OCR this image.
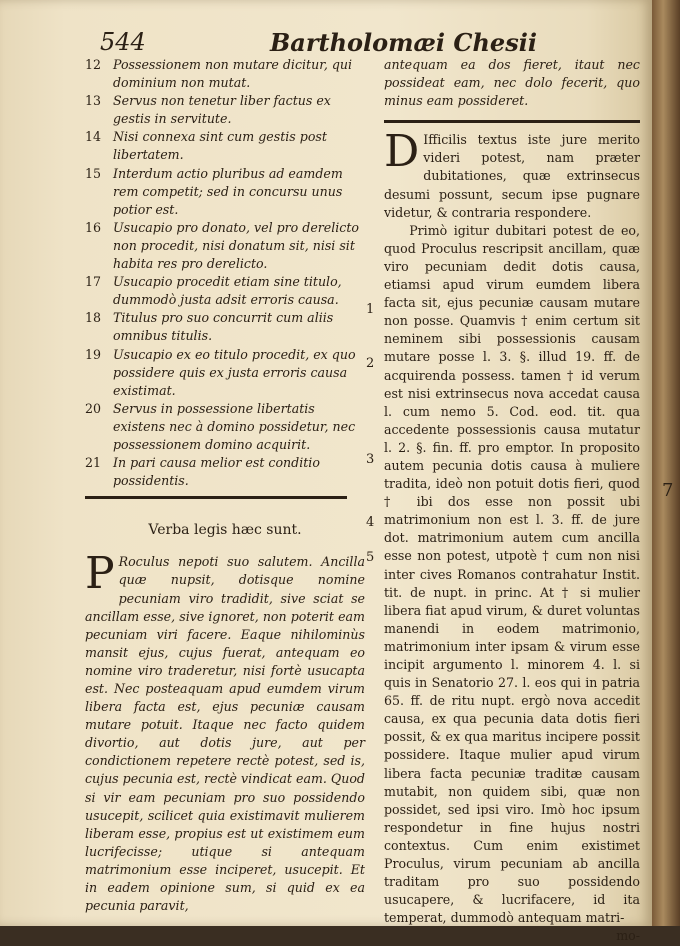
544	Bartholomæi Chesii
12 Possessionem non mutare dicitur, qui dominium non mutat.
13 Servus non tenetur liber factus ex gestis in servitute.
14 Nisi connexa sint cum gestis post libertatem.
15 Interdum actio pluribus ad eamdem rem competit; sed in concursu unus potior est.
16 Usucapio pro donato, vel pro derelicto non procedit, nisi donatum sit, nisi sit habita res pro derelicto.
17 Usucapio procedit etiam sine titulo, dummodò justa adsit erroris causa.
18 Titulus pro suo concurrit cum aliis omnibus titulis.
19 Usucapio ex eo titulo procedit, ex quo possidere quis ex justa erroris causa existimat.
20 Servus in possessione libertatis existens nec à domino possidetur, nec possessionem domino acquirit.
21 In pari causa melior est conditio possidentis.
Verba legis hæc sunt.

P Roculus nepoti suo salutem. Ancilla quæ nupsit, dotisque nomine pecuniam viro tradidit, sive sciat se ancillam esse, sive ignoret, non poterit eam pecuniam viri facere. Eaque nihilominùs mansit ejus, cujus fuerat, antequam eo nomine viro traderetur, nisi fortè usucapta est. Nec posteaquam apud eumdem virum libera facta est, ejus pecuniæ causam mutare potuit. Itaque nec facto quidem divortio, aut dotis jure, aut per condictionem repetere rectè potest, sed is, cujus pecunia est, rectè vindicat eam. Quod si vir eam pecuniam pro suo possidendo usucepit, scilicet quia existimavit mulierem liberam esse, propius est ut existimem eum lucrifecisse; utique si antequam matrimonium esse inciperet, usucepit. Et in eadem opinione sum, si quid ex ea pecunia paravit,

antequam ea dos fieret, itaut nec possideat eam, nec dolo fecerit, quo minus eam possideret.

D Ifficilis textus iste jure merito videri potest, nam præter dubitationes, quæ extrinsecus desumi possunt, secum ipse pugnare videtur, & contraria respondere.

Primò igitur dubitari potest de eo, quod Proculus rescripsit ancillam, quæ viro pecuniam dedit dotis causa, etiamsi apud virum eumdem libera facta sit, ejus pecuniæ causam mutare non posse. Quamvis † enim certum sit neminem sibi possessionis causam mutare posse l. 3. §. illud 19. ff. de acquirenda possess. tamen † id verum est nisi extrinsecus nova accedat causa l. cum nemo 5. Cod. eod. tit. qua accedente possessionis causa mutatur l. 2. §. fin. ff. pro emptor. In proposito autem pecunia dotis causa à muliere tradita, ideò non potuit dotis fieri, quod † ibi dos esse non possit ubi matrimonium non est l. 3. ff. de jure dot. matrimonium autem cum ancilla esse non potest, utpotè † cum non nisi inter cives Romanos contrahatur Instit. tit. de nupt. in princ. At † si mulier libera fiat apud virum, & duret voluntas manendi in eodem matrimonio, matrimonium inter ipsam & virum esse incipit argumento l. minorem 4. l. si quis in Senatorio 27. l. eos qui in patria 65. ff. de ritu nupt. ergò nova accedit causa, ex qua pecunia data dotis fieri possit, & ex qua maritus incipere possit possidere. Itaque mulier apud virum libera facta pecuniæ traditæ causam mutabit, non quidem sibi, quæ non possidet, sed ipsi viro. Imò hoc ipsum respondetur in fine hujus nostri contextus. Cum enim existimet Proculus, virum pecuniam ab ancilla traditam pro suo possidendo usucapere, & lucrifacere, id ita temperat, dummodò antequam matri-

mo-
1
2
3
4
5
7
